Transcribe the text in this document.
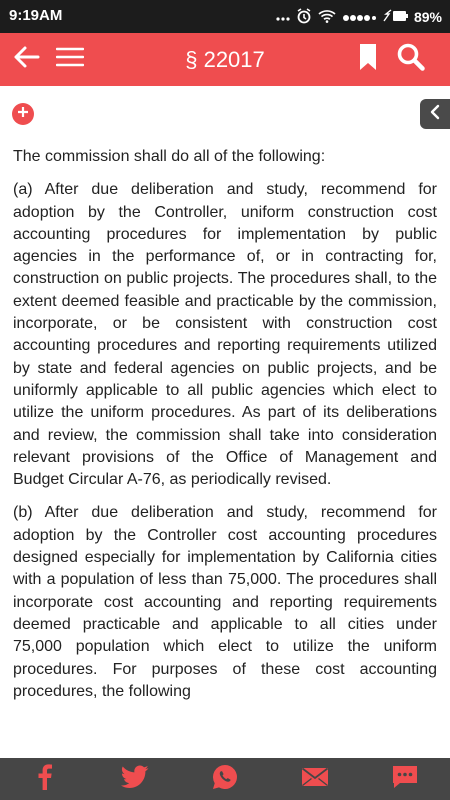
9:19AM	89%
§ 22017

The commission shall do all of the following:

(a) After due deliberation and study, recommend for adoption by the Controller, uniform construction cost accounting procedures for implementation by public agencies in the performance of, or in contracting for, construction on public projects. The procedures shall, to the extent deemed feasible and practicable by the commission, incorporate, or be consistent with construction cost accounting procedures and reporting requirements utilized by state and federal agencies on public projects, and be uniformly applicable to all public agencies which elect to utilize the uniform procedures. As part of its deliberations and review, the commission shall take into consideration relevant provisions of the Office of Management and Budget Circular A-76, as periodically revised.

(b) After due deliberation and study, recommend for adoption by the Controller cost accounting procedures designed especially for implementation by California cities with a population of less than 75,000. The procedures shall incorporate cost accounting and reporting requirements deemed practicable and applicable to all cities under 75,000 population which elect to utilize the uniform procedures. For purposes of these cost accounting procedures, the following
